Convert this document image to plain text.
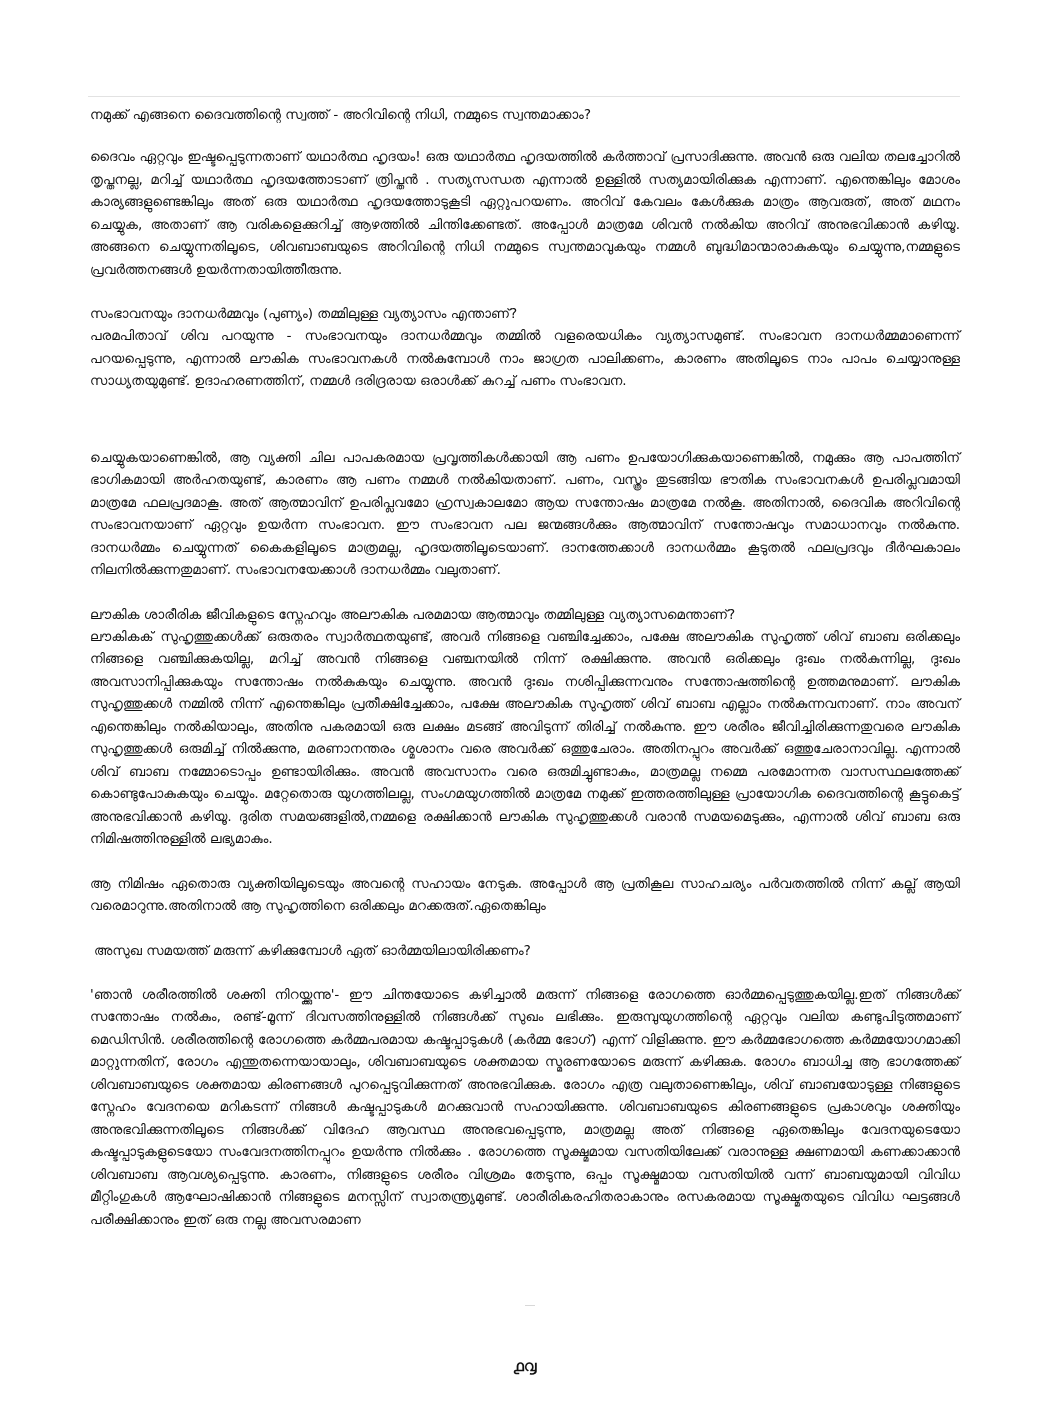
നമുക്ക് എങ്ങനെ ദൈവത്തിന്റെ സ്വത്ത് - അറിവിന്റെ നിധി, നമ്മുടെ സ്വന്തമാക്കാം?

ദൈവം ഏറ്റവും ഇഷ്ടപ്പെടുന്നതാണ് യഥാർത്ഥ ഹൃദയം! ഒരു യഥാർത്ഥ ഹൃദയത്തിൽ കർത്താവ് പ്രസാദിക്കുന്നു. അവൻ ഒരു വലിയ തലച്ചോറിൽ തൃപ്തനല്ല, മറിച്ച് യഥാർത്ഥ ഹൃദയത്തോടാണ് ത്രിപ്തൻ . സത്യസന്ധത എന്നാൽ ഉള്ളിൽ സത്യമായിരിക്കുക എന്നാണ്. എന്തെങ്കിലും മോശം കാര്യങ്ങളുണ്ടെങ്കിലും അത് ഒരു യഥാർത്ഥ ഹൃദയത്തോടുകൂടി ഏറ്റുപറയണം. അറിവ് കേവലം കേൾക്കുക മാത്രം ആവരുത്, അത് മഥനം ചെയ്യുക, അതാണ് ആ വരികളെക്കുറിച്ച് ആഴത്തിൽ ചിന്തിക്കേണ്ടത്. അപ്പോൾ മാത്രമേ ശിവൻ നൽകിയ അറിവ് അനുഭവിക്കാൻ കഴിയൂ. അങ്ങനെ ചെയ്യുന്നതിലൂടെ, ശിവബാബയുടെ അറിവിന്റെ നിധി നമ്മുടെ സ്വന്തമാവുകയും നമ്മൾ ബുദ്ധിമാന്മാരാകുകയും ചെയ്യുന്നു,നമ്മളുടെ പ്രവർത്തനങ്ങൾ ഉയർന്നതായിത്തീരുന്നു.

സംഭാവനയും ദാനധർമ്മവും (പുണ്യം) തമ്മിലുള്ള വ്യത്യാസം എന്താണ്?

പരമപിതാവ് ശിവ പറയുന്നു - സംഭാവനയും ദാനധർമ്മവും തമ്മിൽ വളരെയധികം വ്യത്യാസമുണ്ട്. സംഭാവന ദാനധർമ്മമാണെന്ന് പറയപ്പെടുന്നു, എന്നാൽ ലൗകിക സംഭാവനകൾ നൽകുമ്പോൾ നാം ജാഗ്രത പാലിക്കണം, കാരണം അതിലൂടെ നാം പാപം ചെയ്യാനുള്ള സാധ്യതയുമുണ്ട്. ഉദാഹരണത്തിന്, നമ്മൾ ദരിദ്രരായ ഒരാൾക്ക് കുറച്ച് പണം സംഭാവന.

ചെയ്യുകയാണെങ്കിൽ, ആ വ്യക്തി ചില പാപകരമായ പ്രവൃത്തികൾക്കായി ആ പണം ഉപയോഗിക്കുകയാണെങ്കിൽ, നമുക്കും ആ പാപത്തിന് ഭാഗികമായി അർഹതയുണ്ട്, കാരണം ആ പണം നമ്മൾ നൽകിയതാണ്. പണം, വസ്ത്രം തുടങ്ങിയ ഭൗതിക സംഭാവനകൾ ഉപരിപ്ലവമായി മാത്രമേ ഫലപ്രദമാകൂ. അത് ആത്മാവിന് ഉപരിപ്ലവമോ ഹ്രസ്വകാലമോ ആയ സന്തോഷം മാത്രമേ നൽകൂ. അതിനാൽ, ദൈവിക അറിവിന്റെ സംഭാവനയാണ് ഏറ്റവും ഉയർന്ന സംഭാവന. ഈ സംഭാവന പല ജന്മങ്ങൾക്കും ആത്മാവിന് സന്തോഷവും സമാധാനവും നൽകുന്നു. ദാനധർമ്മം ചെയ്യുന്നത് കൈകളിലൂടെ മാത്രമല്ല, ഹൃദയത്തിലൂടെയാണ്. ദാനത്തേക്കാൾ ദാനധർമ്മം കൂടുതൽ ഫലപ്രദവും ദീർഘകാലം നിലനിൽക്കുന്നതുമാണ്. സംഭാവനയേക്കാൾ ദാനധർമ്മം വലുതാണ്.

ലൗകിക ശാരീരിക ജീവികളുടെ സ്നേഹവും അലൗകിക പരമമായ ആത്മാവും തമ്മിലുള്ള വ്യത്യാസമെന്താണ്?

ലൗകികക് സുഹൃത്തുക്കൾക്ക് ഒരുതരം സ്വാർത്ഥതയുണ്ട്, അവർ നിങ്ങളെ വഞ്ചിച്ചേക്കാം, പക്ഷേ അലൗകിക സുഹൃത്ത് ശിവ് ബാബ ഒരിക്കലും നിങ്ങളെ വഞ്ചിക്കുകയില്ല, മറിച്ച് അവൻ നിങ്ങളെ വഞ്ചനയിൽ നിന്ന് രക്ഷിക്കുന്നു. അവൻ ഒരിക്കലും ദുഃഖം നൽകുന്നില്ല, ദുഃഖം അവസാനിപ്പിക്കുകയും സന്തോഷം നൽകുകയും ചെയ്യുന്നു. അവൻ ദുഃഖം നശിപ്പിക്കുന്നവനും സന്തോഷത്തിന്റെ ഉത്തമനുമാണ്. ലൗകിക സുഹൃത്തുക്കൾ നമ്മിൽ നിന്ന് എന്തെങ്കിലും പ്രതീക്ഷിച്ചേക്കാം, പക്ഷേ അലൗകിക സുഹൃത്ത് ശിവ് ബാബ എല്ലാം നൽകുന്നവനാണ്. നാം അവന് എന്തെങ്കിലും നൽകിയാലും, അതിനു പകരമായി ഒരു ലക്ഷം മടങ്ങ് അവിടുന്ന് തിരിച്ച് നൽകുന്നു. ഈ ശരീരം ജീവിച്ചിരിക്കുന്നതുവരെ ലൗകിക സുഹൃത്തുക്കൾ ഒരുമിച്ച് നിൽക്കുന്നു, മരണാനന്തരം ശ്മശാനം വരെ അവർക്ക് ഒത്തുചേരാം. അതിനപ്പുറം അവർക്ക് ഒത്തുചേരാനാവില്ല. എന്നാൽ ശിവ് ബാബ നമ്മോടൊപ്പം ഉണ്ടായിരിക്കും. അവൻ അവസാനം വരെ ഒരുമിച്ചുണ്ടാകും, മാത്രമല്ല നമ്മെ പരമോന്നത വാസസ്ഥലത്തേക്ക് കൊണ്ടുപോകുകയും ചെയ്യും. മറ്റേതൊരു യുഗത്തിലല്ല, സംഗമയുഗത്തിൽ മാത്രമേ നമുക്ക് ഇത്തരത്തിലുള്ള പ്രായോഗിക ദൈവത്തിന്റെ കൂട്ടുകെട്ട് അനുഭവിക്കാൻ കഴിയൂ. ദുരിത സമയങ്ങളിൽ,നമ്മളെ രക്ഷിക്കാൻ ലൗകിക സുഹൃത്തുക്കൾ വരാൻ സമയമെടുക്കും, എന്നാൽ ശിവ് ബാബ ഒരു നിമിഷത്തിനുള്ളിൽ ലഭ്യമാകും.

ആ നിമിഷം ഏതൊരു വ്യക്തിയിലൂടെയും അവന്റെ സഹായം നേടുക. അപ്പോൾ ആ പ്രതികൂല സാഹചര്യം പർവതത്തിൽ നിന്ന് കല്ല് ആയി വരെമാറുന്നു.അതിനാൽ ആ സുഹൃത്തിനെ ഒരിക്കലും മറക്കരുത്.ഏതെങ്കിലും

അസുഖ സമയത്ത് മരുന്ന് കഴിക്കുമ്പോൾ ഏത് ഓർമ്മയിലായിരിക്കണം?

'ഞാൻ ശരീരത്തിൽ ശക്തി നിറയ്ക്കുന്നു'- ഈ ചിന്തയോടെ കഴിച്ചാൽ മരുന്ന് നിങ്ങളെ രോഗത്തെ ഓർമ്മപ്പെടുത്തുകയില്ല.ഇത് നിങ്ങൾക്ക് സന്തോഷം നൽകും, രണ്ട്-മൂന്ന് ദിവസത്തിനുള്ളിൽ നിങ്ങൾക്ക് സുഖം ലഭിക്കും. ഇരുമ്പുയുഗത്തിന്റെ ഏറ്റവും വലിയ കണ്ടുപിടുത്തമാണ് മെഡിസിൻ. ശരീരത്തിന്റെ രോഗത്തെ കർമ്മപരമായ കഷ്ടപ്പാടുകൾ (കർമ്മ ഭോഗ്) എന്ന് വിളിക്കുന്നു. ഈ കർമ്മഭോഗത്തെ കർമ്മയോഗമാക്കി മാറ്റുന്നതിന്, രോഗം എന്തുതന്നെയായാലും, ശിവബാബയുടെ ശക്തമായ സ്മരണയോടെ മരുന്ന് കഴിക്കുക. രോഗം ബാധിച്ച ആ ഭാഗത്തേക്ക് ശിവബാബയുടെ ശക്തമായ കിരണങ്ങൾ പുറപ്പെടുവിക്കുന്നത് അനുഭവിക്കുക. രോഗം എത്ര വലുതാണെങ്കിലും, ശിവ് ബാബയോടുള്ള നിങ്ങളുടെ സ്നേഹം വേദനയെ മറികടന്ന് നിങ്ങൾ കഷ്ടപ്പാടുകൾ മറക്കുവാൻ സഹായിക്കുന്നു. ശിവബാബയുടെ കിരണങ്ങളുടെ പ്രകാശവും ശക്തിയും അനുഭവിക്കുന്നതിലൂടെ നിങ്ങൾക്ക് വിദേഹ ആവസ്ഥ അനുഭവപ്പെടുന്നു, മാത്രമല്ല അത് നിങ്ങളെ ഏതെങ്കിലും വേദനയുടെയോ കഷ്ടപ്പാടുകളുടെയോ സംവേദനത്തിനപ്പുറം ഉയർന്നു നിൽക്കും . രോഗത്തെ സൂക്ഷ്മമായ വസതിയിലേക്ക് വരാനുള്ള ക്ഷണമായി കണക്കാക്കാൻ ശിവബാബ ആവശ്യപ്പെടുന്നു. കാരണം, നിങ്ങളുടെ ശരീരം വിശ്രമം തേടുന്നു, ഒപ്പം സൂക്ഷ്മമായ വസതിയിൽ വന്ന് ബാബയുമായി വിവിധ മീറ്റിംഗുകൾ ആഘോഷിക്കാൻ നിങ്ങളുടെ മനസ്സിന് സ്വാതന്ത്ര്യമുണ്ട്. ശാരീരികരഹിതരാകാനും രസകരമായ സൂക്ഷ്മതയുടെ വിവിധ ഘട്ടങ്ങൾ പരീക്ഷിക്കാനും ഇത് ഒരു നല്ല അവസരമാണ

൧൮
